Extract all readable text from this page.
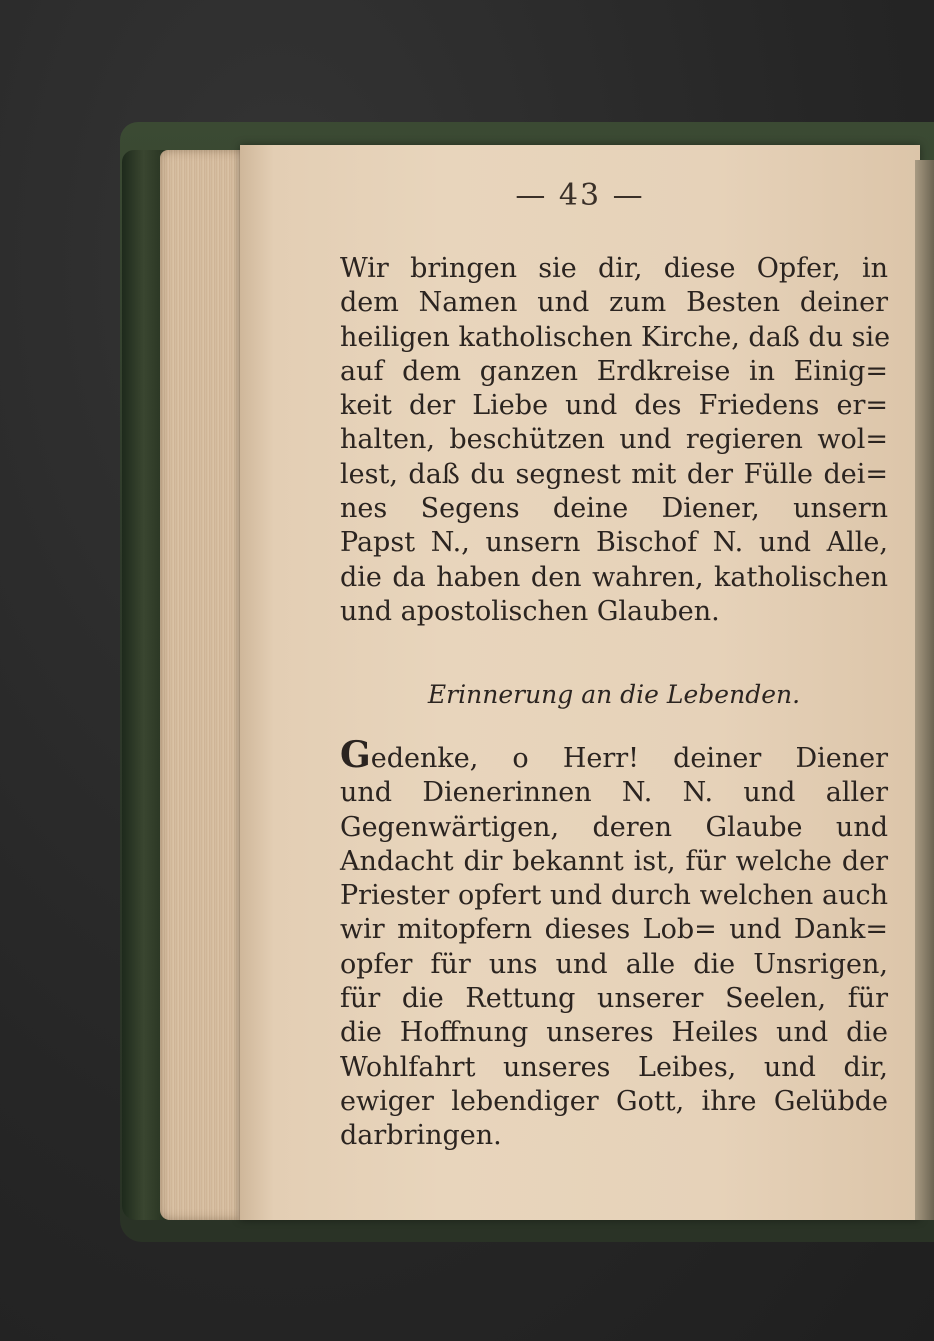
— 43 —
Wir bringen sie dir, diese Opfer, in
dem Namen und zum Besten deiner
heiligen katholischen Kirche, daß du sie
auf dem ganzen Erdkreise in Einig=
keit der Liebe und des Friedens er=
halten, beschützen und regieren wol=
lest, daß du segnest mit der Fülle dei=
nes Segens deine Diener, unsern
Papst N., unsern Bischof N. und Alle,
die da haben den wahren, katholischen
und apostolischen Glauben.
Erinnerung an die Lebenden.
Gedenke, o Herr! deiner Diener
und Dienerinnen N. N. und aller
Gegenwärtigen, deren Glaube und
Andacht dir bekannt ist, für welche der
Priester opfert und durch welchen auch
wir mitopfern dieses Lob= und Dank=
opfer für uns und alle die Unsrigen,
für die Rettung unserer Seelen, für
die Hoffnung unseres Heiles und die
Wohlfahrt unseres Leibes, und dir,
ewiger lebendiger Gott, ihre Gelübde
darbringen.
